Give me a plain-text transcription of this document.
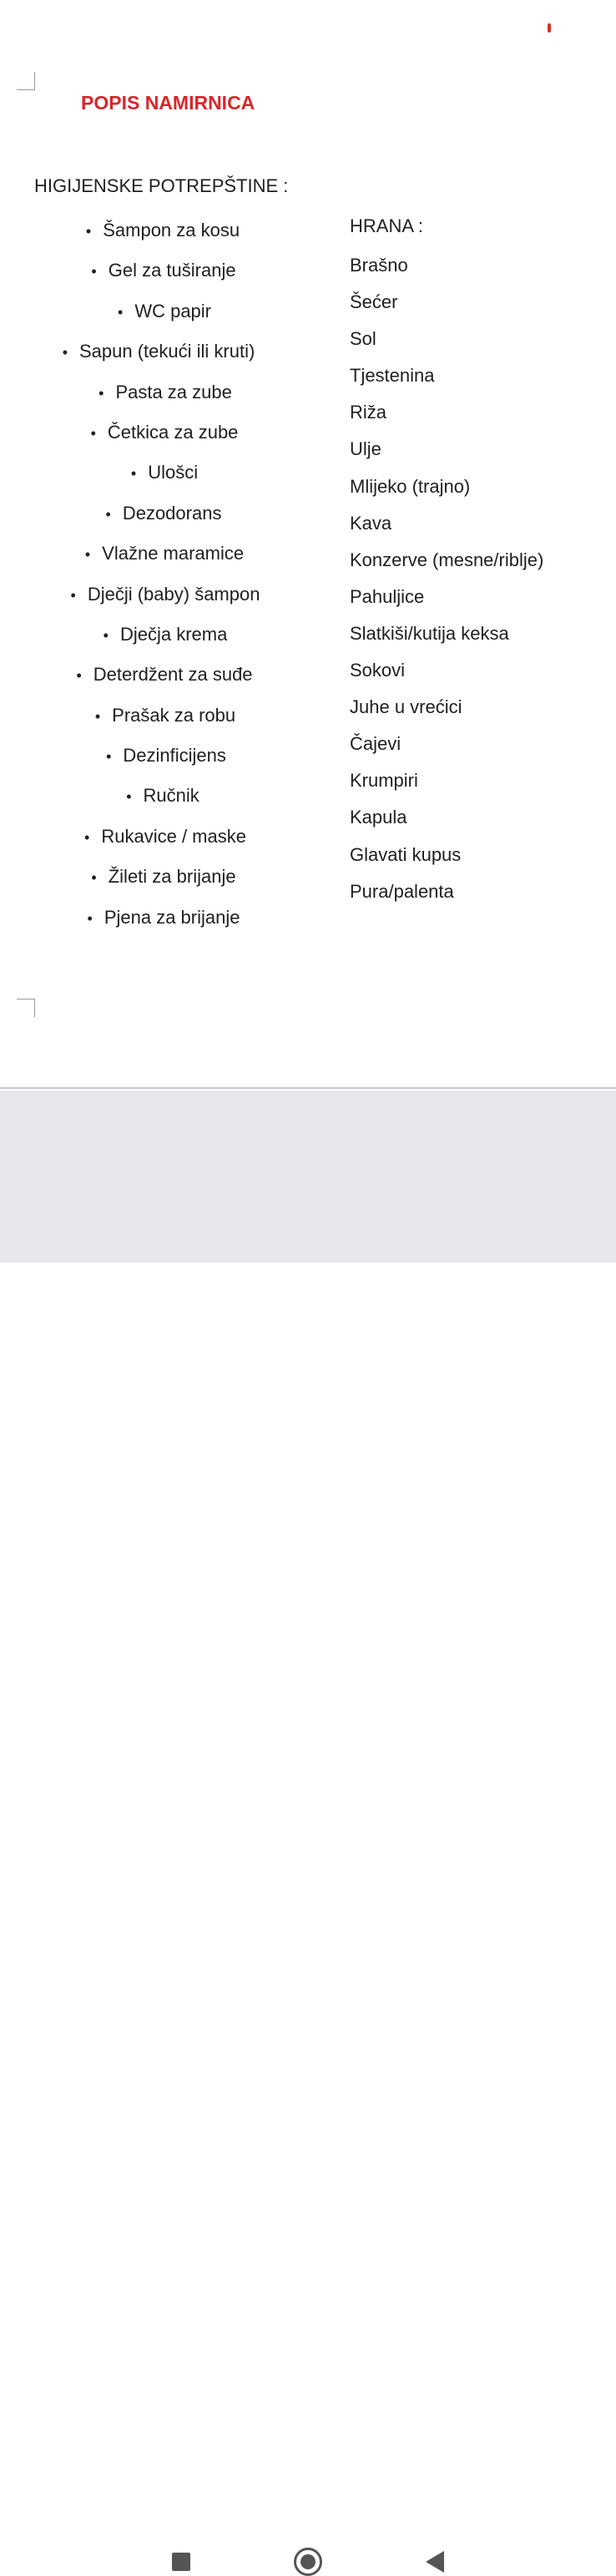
POPIS NAMIRNICA
HIGIJENSKE POTREPŠTINE :
• Šampon za kosu
• Gel za tuširanje
• WC papir
• Sapun (tekući ili kruti)
• Pasta za zube
• Četkica za zube
• Ulošci
• Dezodorans
• Vlažne maramice
• Dječji (baby) šampon
• Dječja krema
• Deterdžent za suđe
• Prašak za robu
• Dezinficijens
• Ručnik
• Rukavice / maske
• Žileti za brijanje
• Pjena za brijanje
HRANA :
Brašno
Šećer
Sol
Tjestenina
Riža
Ulje
Mlijeko (trajno)
Kava
Konzerve (mesne/riblje)
Pahuljice
Slatkiši/kutija keksa
Sokovi
Juhe u vrećici
Čajevi
Krumpiri
Kapula
Glavati kupus
Pura/palenta
